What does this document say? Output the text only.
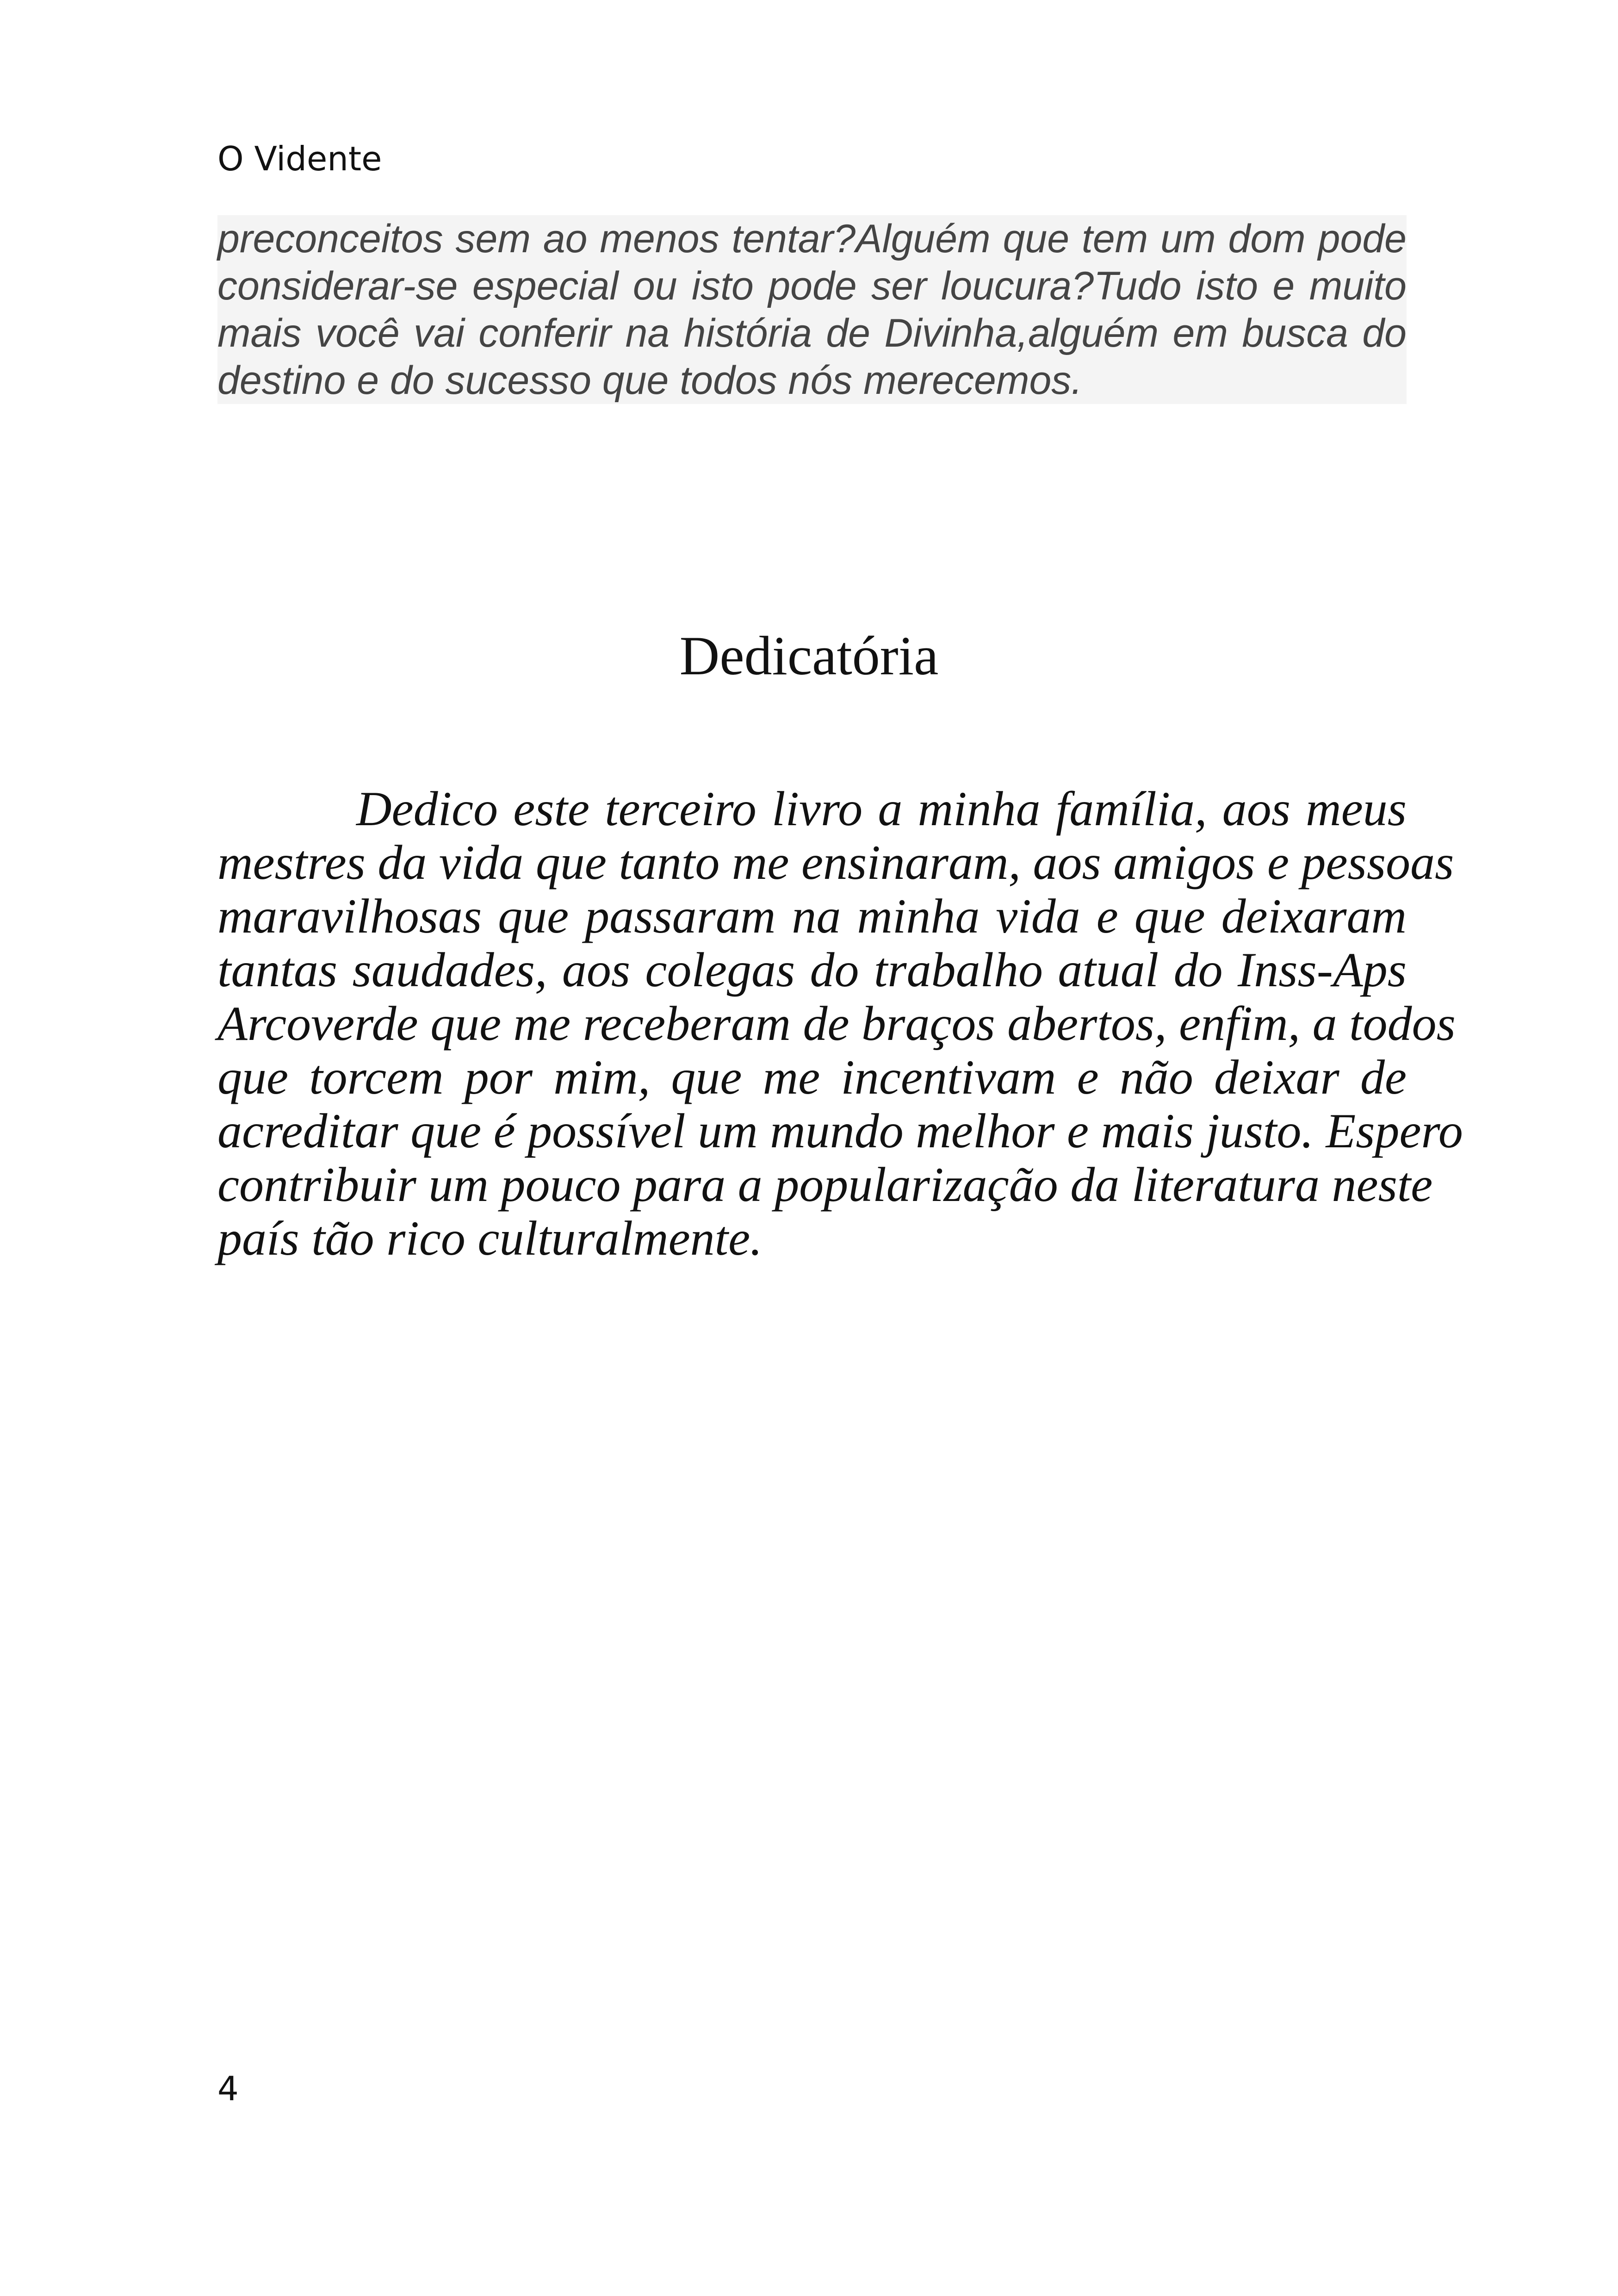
O Vidente
preconceitos sem ao menos tentar?Alguém que tem um dom pode
considerar-se especial ou isto pode ser loucura?Tudo isto e muito
mais você vai conferir na história de Divinha,alguém em busca do
destino e do sucesso que todos nós merecemos.
Dedicatória
Dedico este terceiro livro a minha família, aos meus
mestres da vida que tanto me ensinaram, aos amigos e pessoas
maravilhosas que passaram na minha vida e que deixaram
tantas saudades, aos colegas do trabalho atual do Inss-Aps
Arcoverde que me receberam de braços abertos, enfim, a todos
que torcem por mim, que me incentivam e não deixar de
acreditar que é possível um mundo melhor e mais justo. Espero
contribuir um pouco para a popularização da literatura neste
país tão rico culturalmente.
4
